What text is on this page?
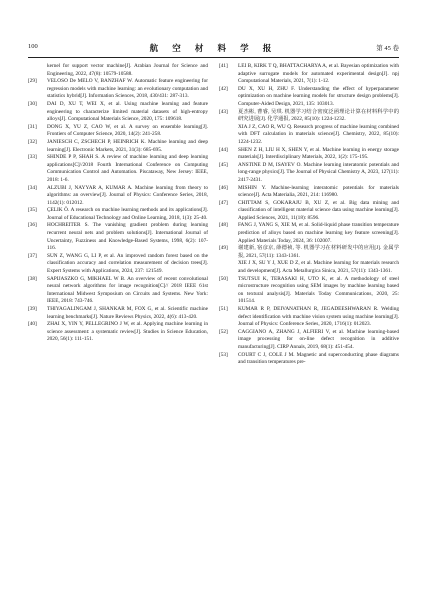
100	航 空 材 料 学 报	第 45 卷
kernel for support vector machine[J]. Arabian Journal for Science and Engineering, 2022, 47(8): 10579-10588.
[29] VELOSO De MELO V, BANZHAF W. Automatic feature engineering for regression models with machine learning: an evolutionary computation and statistics hybrid[J]. Information Sciences, 2018, 430/431: 287-313.
[30] DAI D, XU T, WEI X, et al. Using machine learning and feature engineering to characterize limited material datasets of high-entropy alloys[J]. Computational Materials Science, 2020, 175: 109618.
[31] DONG X, YU Z, CAO W, et al. A survey on ensemble learning[J]. Frontiers of Computer Science, 2020, 14(2): 241-258.
[32] JANIESCH C, ZSCHECH P, HEINRICH K. Machine learning and deep learning[J]. Electronic Markets, 2021, 31(3): 685-695.
[33] SHINDE P P, SHAH S. A review of machine learning and deep learning applications[C]//2018 Fourth International Conference on Computing Communication Control and Automation. Piscataway, New Jersey: IEEE, 2018: 1-6.
[34] ALZUBI J, NAYYAR A, KUMAR A. Machine learning from theory to algorithms: an overview[J]. Journal of Physics: Conference Series, 2018, 1142(1): 012012.
[35] ÇELIK Ö. A research on machine learning methods and its applications[J]. Journal of Educational Technology and Online Learning, 2018, 1(3): 25-40.
[36] HOCHREITER S. The vanishing gradient problem during learning recurrent neural nets and problem solutions[J]. International Journal of Uncertainty, Fuzziness and Knowledge-Based Systems, 1998, 6(2): 107-116.
[37] SUN Z, WANG G, LI P, et al. An improved random forest based on the classification accuracy and correlation measurement of decision trees[J]. Expert Systems with Applications, 2024, 237: 121549.
[38] SAPIJASZKO G, MIKHAEL W B. An overview of recent convolutional neural network algorithms for image recognition[C]// 2018 IEEE 61st International Midwest Symposium on Circuits and Systems. New York: IEEE, 2018: 743-746.
[39] THIYAGALINGAM J, SHANKAR M, FOX G, et al. Scientific machine learning benchmarks[J]. Nature Reviews Physics, 2022, 4(6): 413-420.
[40] ZHAI X, YIN Y, PELLEGRINO J W, et al. Applying machine learning in science assessment: a systematic review[J]. Studies in Science Education, 2020, 56(1): 111-151.
[41] LEI B, KIRK T Q, BHATTACHARYA A, et al. Bayesian optimization with adaptive surrogate models for automated experimental design[J]. npj Computational Materials, 2021, 7(1): 1-12.
[42] DU X, XU H, ZHU F. Understanding the effect of hyperparameter optimization on machine learning models for structure design problems[J]. Computer-Aided Design, 2021, 135: 103013.
[43] 夏杰彬, 曹睿, 吴琪. 机器学习结合密度泛函理论计算在材料科学中的研究进展[J]. 化学通报, 2022, 85(10): 1224-1232.
XIA J Z, CAO R, WU Q. Research progress of machine learning combined with DFT calculation in materials science[J]. Chemistry, 2022, 85(10): 1224-1232.
[44] SHEN Z H, LIU H X, SHEN Y, et al. Machine learning in energy storage materials[J]. Interdisciplinary Materials, 2022, 1(2): 175-195.
[45] ANSTINE D M, ISAYEV O. Machine learning interatomic potentials and long-range physics[J]. The Journal of Physical Chemistry A, 2023, 127(11): 2417-2431.
[46] MISHIN Y. Machine-learning interatomic potentials for materials science[J]. Acta Materialia, 2021, 214: 116980.
[47] CHITTAM S, GOKARAJU B, XU Z, et al. Big data mining and classification of intelligent material science data using machine learning[J]. Applied Sciences, 2021, 11(18): 8596.
[48] FANG J, YANG S, XIE M, et al. Solid-liquid phase transition temperature prediction of alloys based on machine learning key feature screening[J]. Applied Materials Today, 2024, 36: 102007.
[49] 谢建新, 宿彦京, 薛德祯, 等. 机器学习在材料研发中的应用[J]. 金属学报, 2021, 57(11): 1343-1361.
XIE J X, SU Y J, XUE D Z, et al. Machine learning for materials research and development[J]. Acta Metallurgica Sinica, 2021, 57(11): 1343-1361.
[50] TSUTSUI K, TERASAKI H, UTO K, et al. A methodology of steel microstructure recognition using SEM images by machine learning based on textural analysis[J]. Materials Today Communications, 2020, 25: 101514.
[51] KUMAR R P, DEIVANATHAN R, JEGADEESHWARAN R. Welding defect identification with machine vision system using machine learning[J]. Journal of Physics: Conference Series, 2020, 1716(1): 012023.
[52] CAGGIANO A, ZHANG J, ALFIERI V, et al. Machine learning-based image processing for on-line defect recognition in additive manufacturing[J]. CIRP Annals, 2019, 68(1): 451-454.
[53] COURT C J, COLE J M. Magnetic and superconducting phase diagrams and transition temperatures pre-
